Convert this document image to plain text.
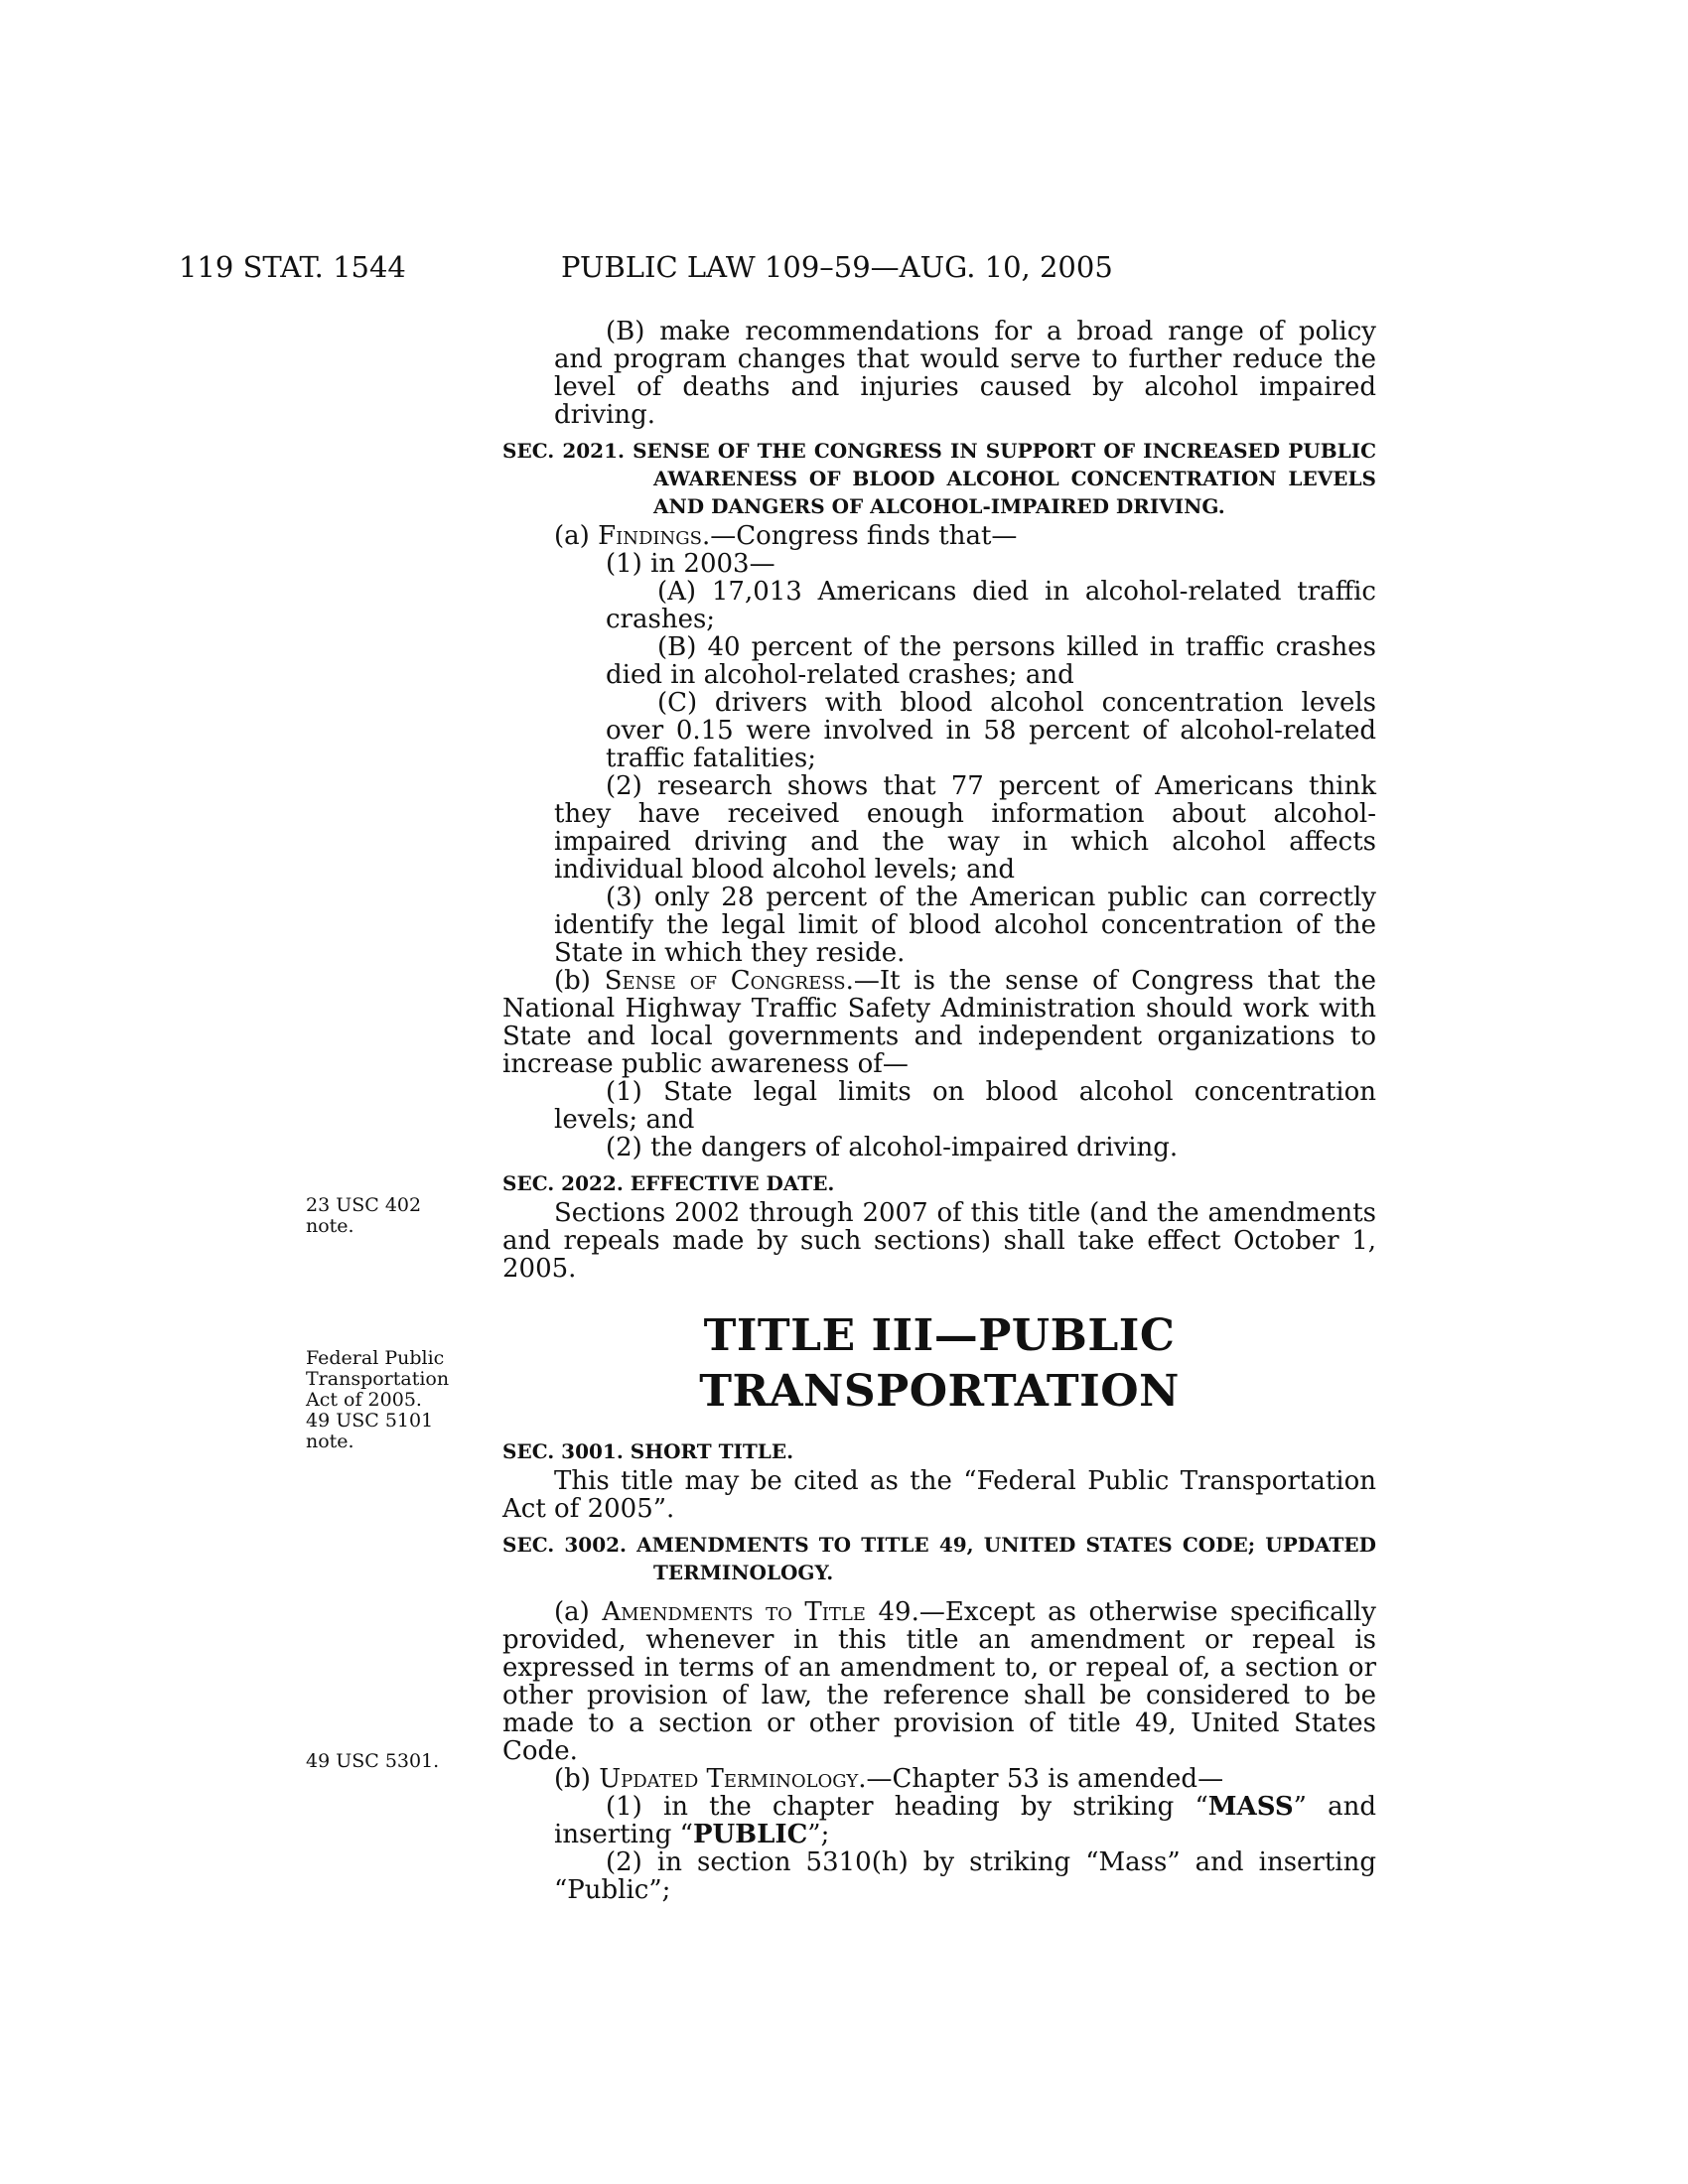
119 STAT. 1544	PUBLIC LAW 109–59—AUG. 10, 2005
23 USC 402 note.
Federal Public
Transportation
Act of 2005.
49 USC 5101
note.
49 USC 5301.

(B) make recommendations for a broad range of policy and program changes that would serve to further reduce the level of deaths and injuries caused by alcohol impaired driving.

SEC. 2021. SENSE OF THE CONGRESS IN SUPPORT OF INCREASED PUBLIC AWARENESS OF BLOOD ALCOHOL CONCENTRATION LEVELS AND DANGERS OF ALCOHOL-IMPAIRED DRIVING.

(a) Findings.—Congress finds that—

(1) in 2003—

(A) 17,013 Americans died in alcohol-related traffic crashes;

(B) 40 percent of the persons killed in traffic crashes died in alcohol-related crashes; and

(C) drivers with blood alcohol concentration levels over 0.15 were involved in 58 percent of alcohol-related traffic fatalities;

(2) research shows that 77 percent of Americans think they have received enough information about alcohol-impaired driving and the way in which alcohol affects individual blood alcohol levels; and

(3) only 28 percent of the American public can correctly identify the legal limit of blood alcohol concentration of the State in which they reside.

(b) Sense of Congress.—It is the sense of Congress that the National Highway Traffic Safety Administration should work with State and local governments and independent organizations to increase public awareness of—

(1) State legal limits on blood alcohol concentration levels; and

(2) the dangers of alcohol-impaired driving.

SEC. 2022. EFFECTIVE DATE.

Sections 2002 through 2007 of this title (and the amendments and repeals made by such sections) shall take effect October 1, 2005.

TITLE III—PUBLIC TRANSPORTATION

SEC. 3001. SHORT TITLE.

This title may be cited as the “Federal Public Transportation Act of 2005”.

SEC. 3002. AMENDMENTS TO TITLE 49, UNITED STATES CODE; UPDATED TERMINOLOGY.

(a) Amendments to Title 49.—Except as otherwise specifically provided, whenever in this title an amendment or repeal is expressed in terms of an amendment to, or repeal of, a section or other provision of law, the reference shall be considered to be made to a section or other provision of title 49, United States Code.

(b) Updated Terminology.—Chapter 53 is amended—

(1) in the chapter heading by striking “MASS” and inserting “PUBLIC”;

(2) in section 5310(h) by striking “Mass” and inserting “Public”;
